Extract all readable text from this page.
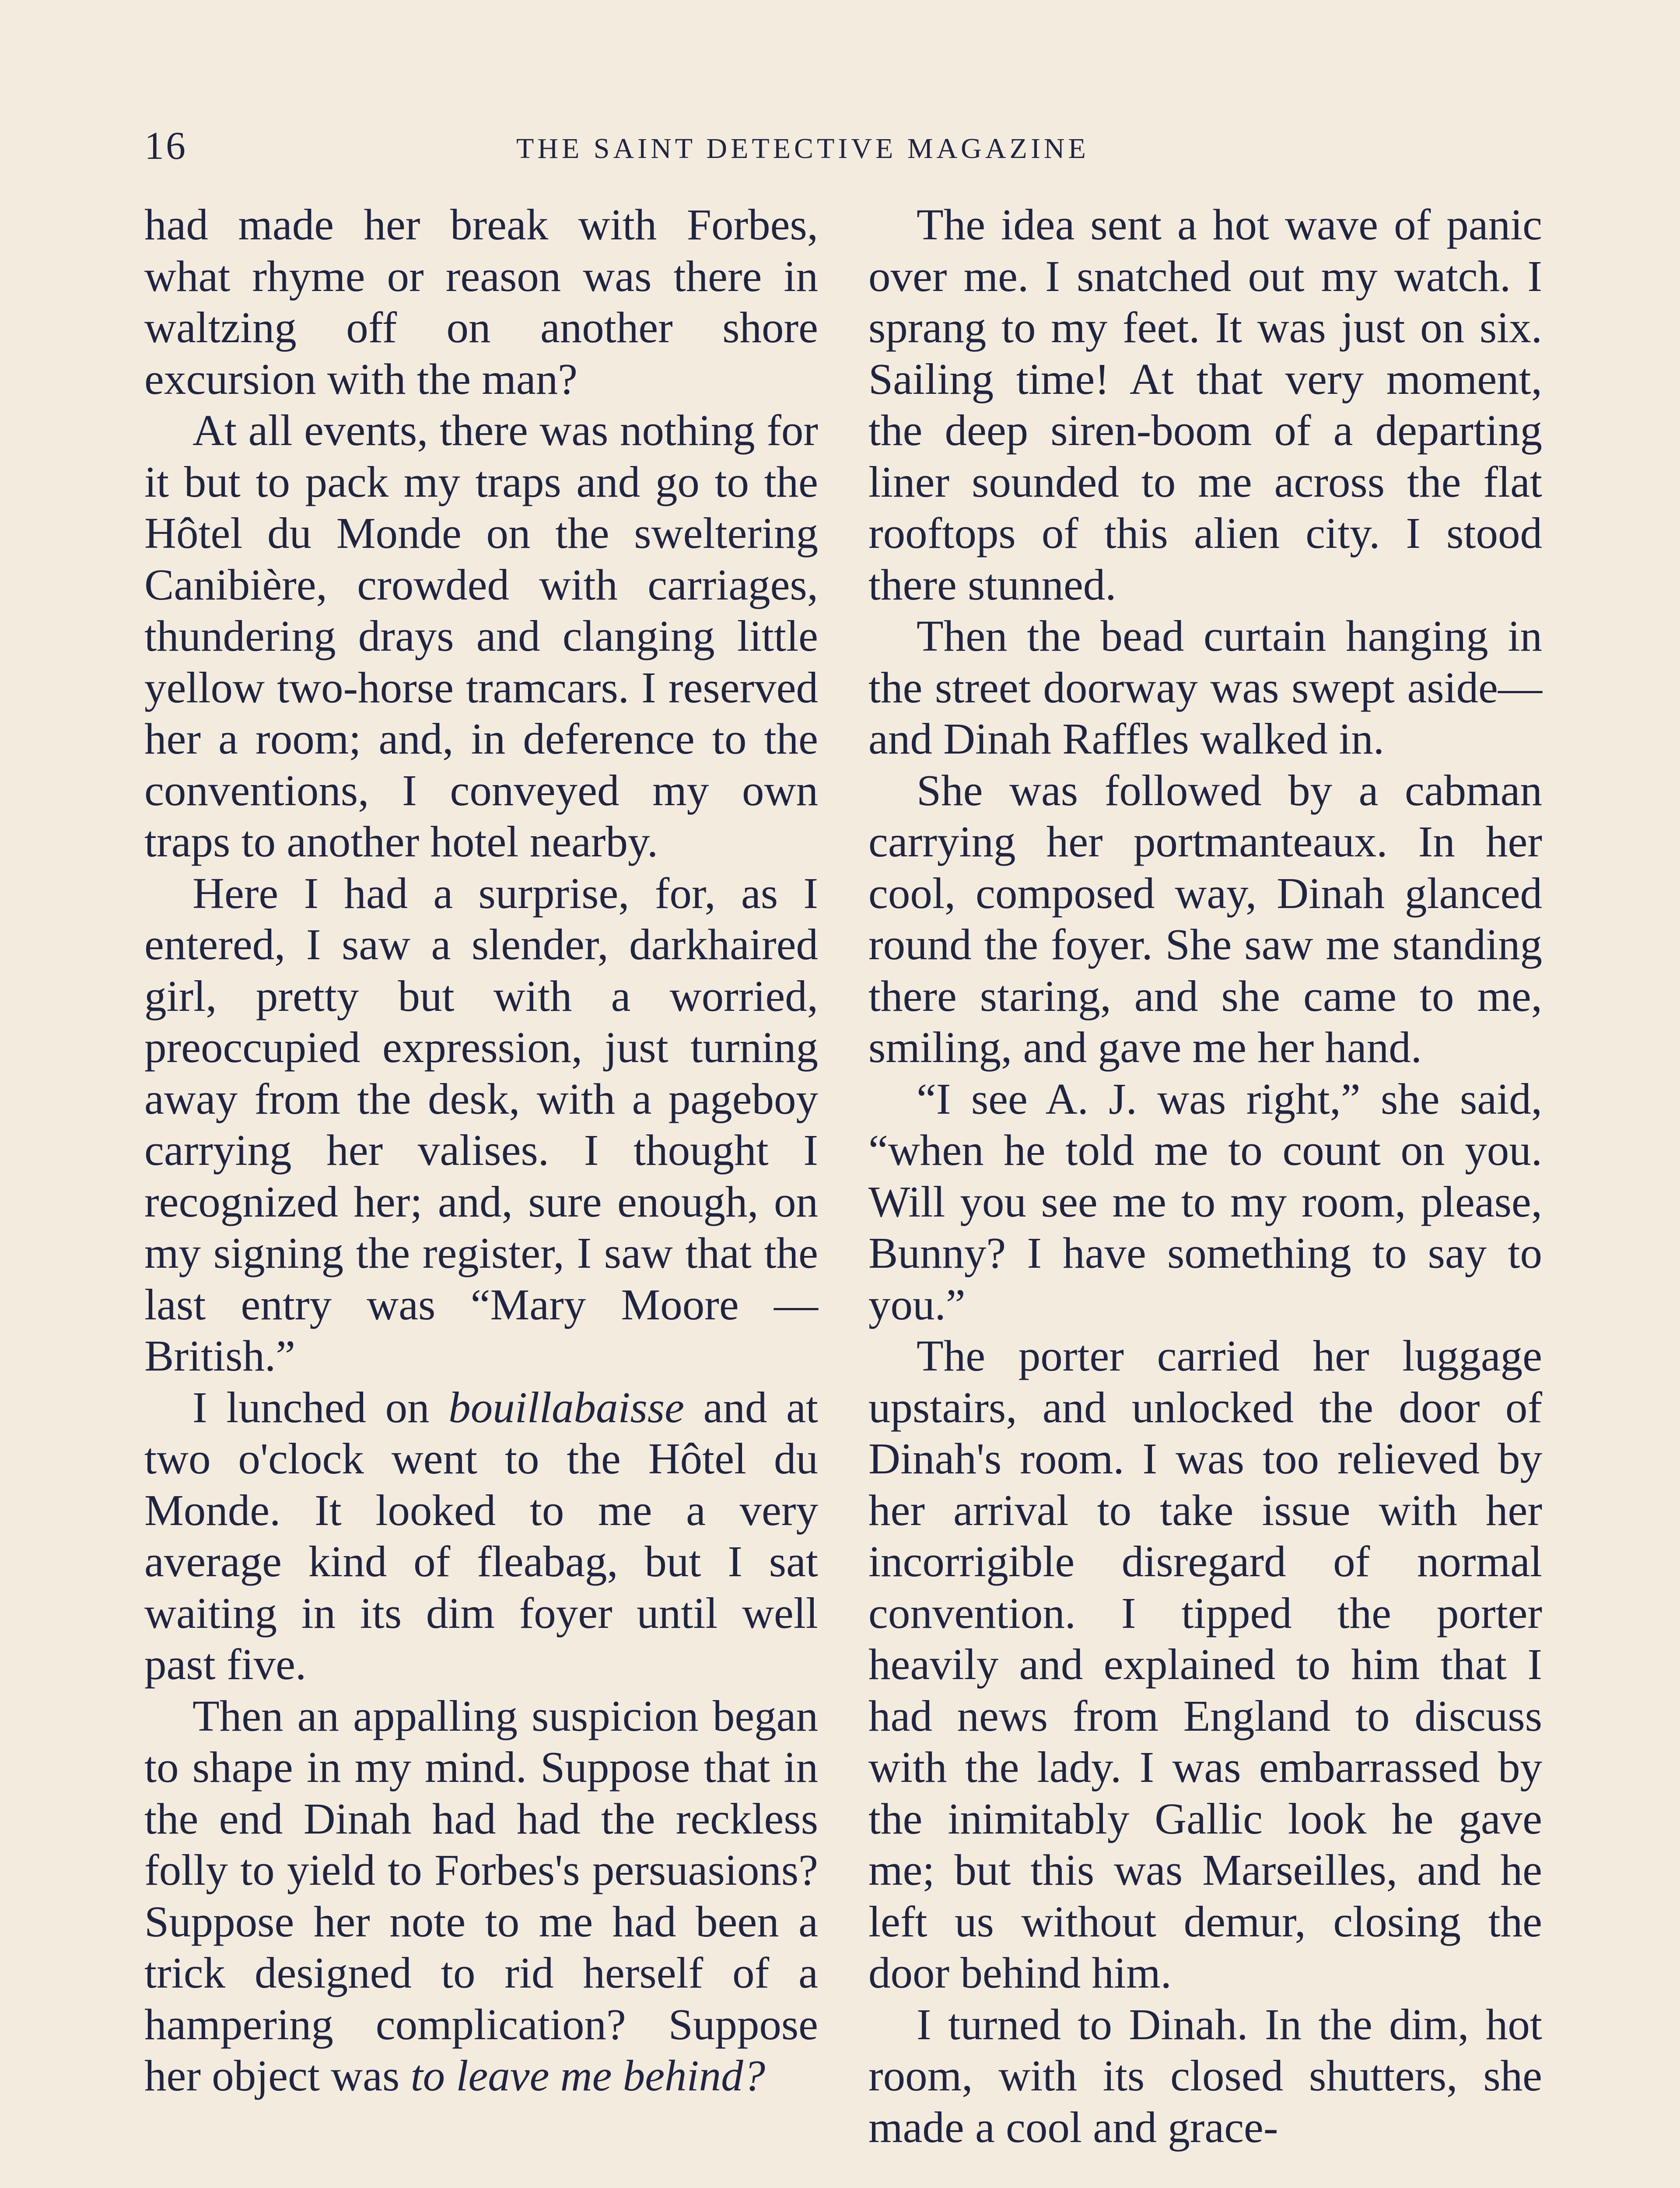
16	THE SAINT DETECTIVE MAGAZINE

had made her break with Forbes, what rhyme or reason was there in waltzing off on another shore excursion with the man?

At all events, there was nothing for it but to pack my traps and go to the Hôtel du Monde on the sweltering Canibière, crowded with carriages, thundering drays and clanging little yellow two-horse tramcars. I reserved her a room; and, in deference to the conventions, I conveyed my own traps to another hotel nearby.

Here I had a surprise, for, as I entered, I saw a slender, darkhaired girl, pretty but with a worried, preoccupied expression, just turning away from the desk, with a pageboy carrying her valises. I thought I recognized her; and, sure enough, on my signing the register, I saw that the last entry was “Mary Moore —British.”

I lunched on bouillabaisse and at two o'clock went to the Hôtel du Monde. It looked to me a very average kind of fleabag, but I sat waiting in its dim foyer until well past five.

Then an appalling suspicion began to shape in my mind. Suppose that in the end Dinah had had the reckless folly to yield to Forbes's persuasions? Suppose her note to me had been a trick designed to rid herself of a hampering complication? Suppose her object was to leave me behind?

The idea sent a hot wave of panic over me. I snatched out my watch. I sprang to my feet. It was just on six. Sailing time! At that very moment, the deep siren-boom of a departing liner sounded to me across the flat rooftops of this alien city. I stood there stunned.

Then the bead curtain hanging in the street doorway was swept aside—and Dinah Raffles walked in.

She was followed by a cabman carrying her portmanteaux. In her cool, composed way, Dinah glanced round the foyer. She saw me standing there staring, and she came to me, smiling, and gave me her hand.

“I see A. J. was right,” she said, “when he told me to count on you. Will you see me to my room, please, Bunny? I have something to say to you.”

The porter carried her luggage upstairs, and unlocked the door of Dinah's room. I was too relieved by her arrival to take issue with her incorrigible disregard of normal convention. I tipped the porter heavily and explained to him that I had news from England to discuss with the lady. I was embarrassed by the inimitably Gallic look he gave me; but this was Marseilles, and he left us without demur, closing the door behind him.

I turned to Dinah. In the dim, hot room, with its closed shutters, she made a cool and grace-
